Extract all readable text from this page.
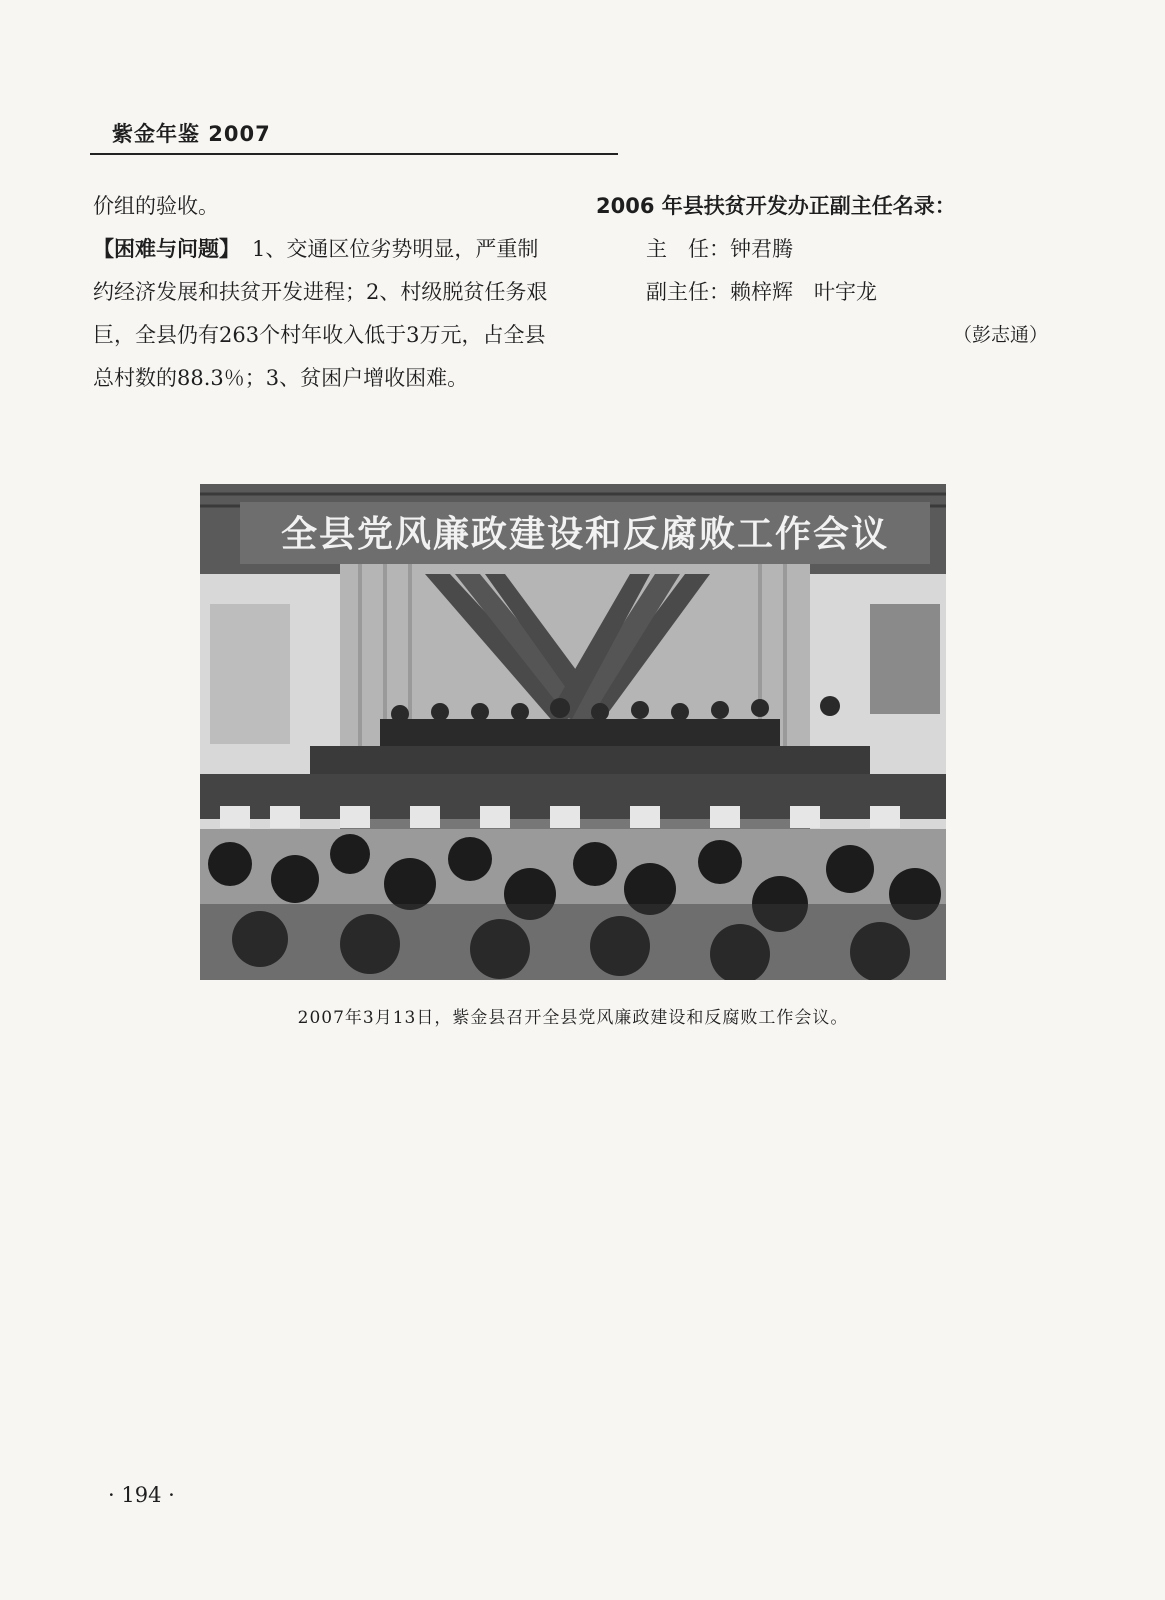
紫金年鉴 2007

价组的验收。

【困难与问题】 1、交通区位劣势明显，严重制约经济发展和扶贫开发进程；2、村级脱贫任务艰巨，全县仍有263个村年收入低于3万元，占全县总村数的88.3％；3、贫困户增收困难。

2006 年县扶贫开发办正副主任名录：
主　任：钟君腾
副主任：赖梓辉　叶宇龙
（彭志通）
全县党风廉政建设和反腐败工作会议
2007年3月13日，紫金县召开全县党风廉政建设和反腐败工作会议。
· 194 ·
